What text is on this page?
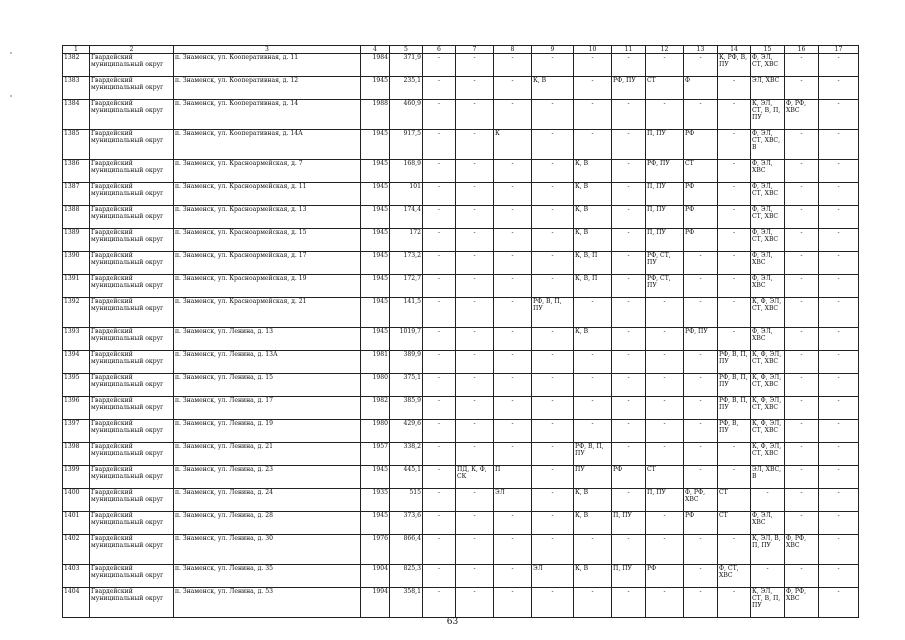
1	2	3	4	5	6	7	8	9	10	11	12	13	14	15	16	17
1382	Гвардейский муниципальный округ	п. Знаменск, ул. Кооперативная, д. 11	1984	371,9	-	-	-	-	-	-	-	-	К, РФ, В, ПУ	Ф, ЭЛ, СТ, ХВС	-	-
1383	Гвардейский муниципальный округ	п. Знаменск, ул. Кооперативная, д. 12	1945	235,1	-	-	-	К, В	-	РФ, ПУ	СТ	Ф	-	ЭЛ, ХВС	-	-
1384	Гвардейский муниципальный округ	п. Знаменск, ул. Кооперативная, д. 14	1988	460,9	-	-	-	-	-	-	-	-	-	К, ЭЛ, СТ, В, П, ПУ	Ф, РФ, ХВС	-
1385	Гвардейский муниципальный округ	п. Знаменск, ул. Кооперативная, д. 14А	1945	917,5	-	-	К	-	-	-	П, ПУ	РФ	-	Ф, ЭЛ, СТ, ХВС, В	-	-
1386	Гвардейский муниципальный округ	п. Знаменск, ул. Красноармейская, д. 7	1945	168,9	-	-	-	-	К, В	-	РФ, ПУ	СТ	-	Ф, ЭЛ, ХВС	-	-
1387	Гвардейский муниципальный округ	п. Знаменск, ул. Красноармейская, д. 11	1945	101	-	-	-	-	К, В	-	П, ПУ	РФ	-	Ф, ЭЛ, СТ, ХВС	-	-
1388	Гвардейский муниципальный округ	п. Знаменск, ул. Красноармейская, д. 13	1945	174,4	-	-	-	-	К, В	-	П, ПУ	РФ	-	Ф, ЭЛ, СТ, ХВС	-	-
1389	Гвардейский муниципальный округ	п. Знаменск, ул. Красноармейская, д. 15	1945	172	-	-	-	-	К, В	-	П, ПУ	РФ	-	Ф, ЭЛ, СТ, ХВС	-	-
1390	Гвардейский муниципальный округ	п. Знаменск, ул. Красноармейская, д. 17	1945	173,2	-	-	-	-	К, В, П	-	РФ, СТ, ПУ	-	-	Ф, ЭЛ, ХВС	-	-
1391	Гвардейский муниципальный округ	п. Знаменск, ул. Красноармейская, д. 19	1945	172,7	-	-	-	-	К, В, П	-	РФ, СТ, ПУ	-	-	Ф, ЭЛ, ХВС	-	-
1392	Гвардейский муниципальный округ	п. Знаменск, ул. Красноармейская, д. 21	1945	141,5	-	-	-	РФ, В, П, ПУ	-	-	-	-	-	К, Ф, ЭЛ, СТ, ХВС	-	-
1393	Гвардейский муниципальный округ	п. Знаменск, ул. Ленина, д. 13	1945	1019,7	-	-	-	-	К, В	-	-	РФ, ПУ	-	Ф, ЭЛ, ХВС	-	-
1394	Гвардейский муниципальный округ	п. Знаменск, ул. Ленина, д. 13А	1981	389,9	-	-	-	-	-	-	-	-	РФ, В, П, ПУ	К, Ф, ЭЛ, СТ, ХВС	-	-
1395	Гвардейский муниципальный округ	п. Знаменск, ул. Ленина, д. 15	1980	375,1	-	-	-	-	-	-	-	-	РФ, В, П, ПУ	К, Ф, ЭЛ, СТ, ХВС	-	-
1396	Гвардейский муниципальный округ	п. Знаменск, ул. Ленина, д. 17	1982	385,9	-	-	-	-	-	-	-	-	РФ, В, П, ПУ	К, Ф, ЭЛ, СТ, ХВС	-	-
1397	Гвардейский муниципальный округ	п. Знаменск, ул. Ленина, д. 19	1980	429,6	-	-	-	-	-	-	-	-	РФ, В, ПУ	К, Ф, ЭЛ, СТ, ХВС	-	-
1398	Гвардейский муниципальный округ	п. Знаменск, ул. Ленина, д. 21	1957	338,2	-	-	-	-	РФ, В, П, ПУ	-	-	-	-	К, Ф, ЭЛ, СТ, ХВС	-	-
1399	Гвардейский муниципальный округ	п. Знаменск, ул. Ленина, д. 23	1945	445,1	-	ПД, К, Ф, СК	П	-	ПУ	РФ	СТ	-	-	ЭЛ, ХВС, В	-	-
1400	Гвардейский муниципальный округ	п. Знаменск, ул. Ленина, д. 24	1935	515	-	-	ЭЛ	-	К, В	-	П, ПУ	Ф, РФ, ХВС	СТ	-	-	-
1401	Гвардейский муниципальный округ	п. Знаменск, ул. Ленина, д. 28	1945	373,6	-	-	-	-	К, В	П, ПУ	-	РФ	СТ	Ф, ЭЛ, ХВС	-	-
1402	Гвардейский муниципальный округ	п. Знаменск, ул. Ленина, д. 30	1976	866,4	-	-	-	-	-	-	-	-	-	К, ЭЛ, В, П, ПУ	Ф, РФ, ХВС	-
1403	Гвардейский муниципальный округ	п. Знаменск, ул. Ленина, д. 35	1904	825,3	-	-	-	ЭЛ	К, В	П, ПУ	РФ	-	Ф, СТ, ХВС	-	-	-
1404	Гвардейский муниципальный округ	п. Знаменск, ул. Ленина, д. 53	1994	358,1	-	-	-	-	-	-	-	-	-	К, ЭЛ, СТ, В, П, ПУ	Ф, РФ, ХВС	-
63
